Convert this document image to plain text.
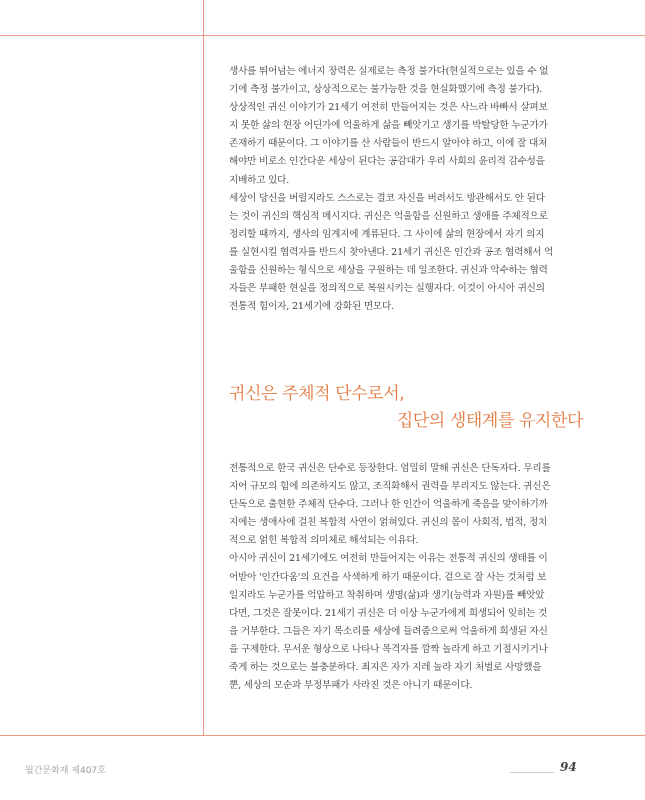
생사를 뛰어넘는 에너지 장력은 실제로는 측정 불가다(현실적으로는 있을 수 없
기에 측정 불가이고, 상상적으로는 불가능한 것을 현실화했기에 측정 불가다).
상상적인 귀신 이야기가 21세기 여전히 만들어지는 것은 사느라 바빠서 살펴보
지 못한 삶의 현장 어딘가에 억울하게 삶을 빼앗기고 생기를 박탈당한 누군가가
존재하기 때문이다. 그 이야기를 산 사람들이 반드시 알아야 하고, 이에 잘 대처
해야만 비로소 인간다운 세상이 된다는 공감대가 우리 사회의 윤리적 감수성을
지배하고 있다.
세상이 당신을 버릴지라도 스스로는 결코 자신을 버려서도 방관해서도 안 된다
는 것이 귀신의 핵심적 메시지다. 귀신은 억울함을 신원하고 생애를 주체적으로
정리할 때까지, 생사의 임계지에 계류된다. 그 사이에 삶의 현장에서 자기 의지
를 실현시킬 협력자를 반드시 찾아낸다. 21세기 귀신은 인간과 공조 협력해서 억
울함을 신원하는 형식으로 세상을 구원하는 데 일조한다. 귀신과 악수하는 협력
자들은 부패한 현실을 정의적으로 복원시키는 실행자다. 이것이 아시아 귀신의
전통적 힘이자, 21세기에 강화된 면모다.

귀신은 주체적 단수로서,
집단의 생태계를 유지한다

전통적으로 한국 귀신은 단수로 등장한다. 엄밀히 말해 귀신은 단독자다. 무리를
지어 규모의 힘에 의존하지도 않고, 조직화해서 권력을 부리지도 않는다. 귀신은
단독으로 출현한 주체적 단수다. 그러나 한 인간이 억울하게 죽음을 맞이하기까
지에는 생애사에 걸친 복합적 사연이 얽혀있다. 귀신의 몸이 사회적, 법적, 정치
적으로 얽힌 복합적 의미체로 해석되는 이유다.
아시아 귀신이 21세기에도 여전히 만들어지는 이유는 전통적 귀신의 생태를 이
어받아 '인간다움'의 요건을 사색하게 하기 때문이다. 겉으로 잘 사는 것처럼 보
일지라도 누군가를 억압하고 착취하며 생명(삶)과 생기(능력과 자원)를 빼앗았
다면, 그것은 잘못이다. 21세기 귀신은 더 이상 누군가에게 희생되어 잊히는 것
을 거부한다. 그들은 자기 목소리를 세상에 들려줌으로써 억울하게 희생된 자신
을 구제한다. 무서운 형상으로 나타나 목격자를 깜짝 놀라게 하고 기절시키거나
죽게 하는 것으로는 불충분하다. 죄지은 자가 지레 놀라 자기 처벌로 사망했을
뿐, 세상의 모순과 부정부패가 사라진 것은 아니기 때문이다.

월간문화재 제407호	94
